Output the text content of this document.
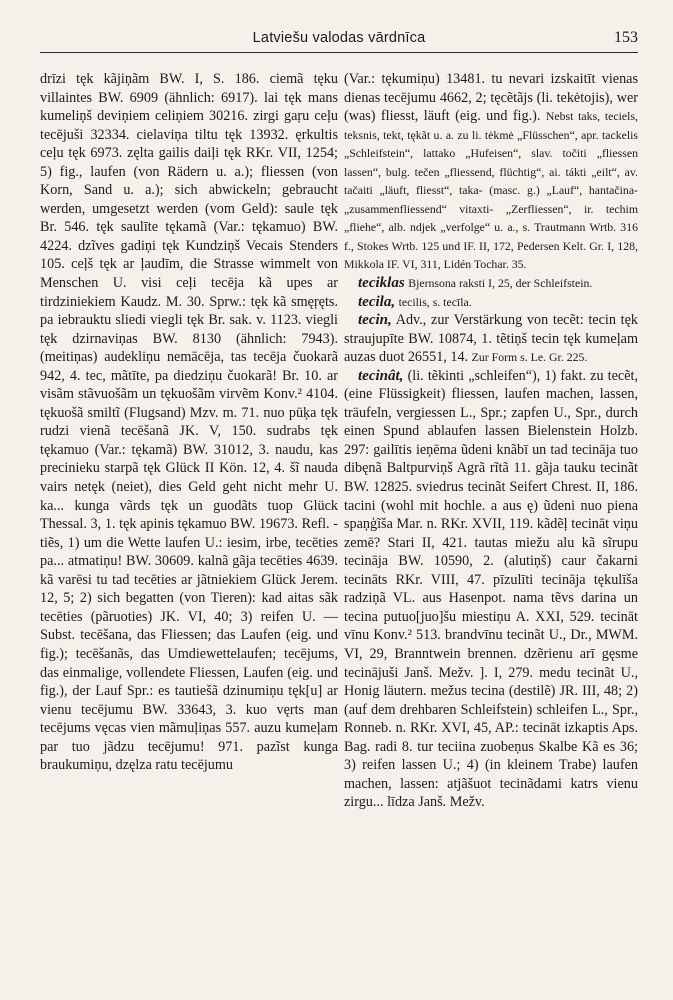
Latviešu valodas vārdnīca	153

drīzi tęk kãjiņãm BW. I, S. 186. ciemã tęku villaintes BW. 6909 (ähnlich: 6917). lai tęk mans kumeliņš deviņiem celiņiem 30216. zirgi gaŗu ceļu tecējuši 32334. cielaviņa tiltu tęk 13932. ęrkultis ceļu tęk 6973. zęlta gailis daiļi tęk RKr. VII, 1254; 5) fig., laufen (von Rädern u. a.); fliessen (von Korn, Sand u. a.); sich abwickeln; gebraucht werden, umgesetzt werden (vom Geld): saule tęk Br. 546. tęk saulīte tękamã (Var.: tękamuo) BW. 4224. dzĩves gadiņi tęk Kundziņš Vecais Stenders 105. ceļš tęk ar ļaudīm, die Strasse wimmelt von Menschen U. visi ceļi tecēja kã upes ar tirdziniekiem Kaudz. M. 30. Sprw.: tęk kã smęŗęts. pa iebrauktu sliedi viegli tęk Br. sak. v. 1123. viegli tęk dzirnaviņas BW. 8130 (ähnlich: 7943). (meitiņas) audekliņu nemācēja, tas tecēja čuokarã 942, 4. tec, mãtīte, pa diedziņu čuokarã! Br. 10. ar visãm stãvuošãm un tękuošãm virvẽm Konv.² 4104. tękuošã smiltĩ (Flugsand) Mzv. m. 71. nuo pūķa tęk rudzi vienã tecēšanã JK. V, 150. sudrabs tęk tękamuo (Var.: tękamã) BW. 31012, 3. naudu, kas precinieku starpã tęk Glück II Kön. 12, 4. šĩ nauda vairs netęk (neiet), dies Geld geht nicht mehr U. ka... kunga vãrds tęk un guodãts tuop Glück Thessal. 3, 1. tęk apinis tękamuo BW. 19673. Refl. -tiẽs, 1) um die Wette laufen U.: iesim, irbe, tecēties pa... atmatiņu! BW. 30609. kalnã gãja tecēties 4639. kã varēsi tu tad tecēties ar jãtniekiem Glück Jerem. 12, 5; 2) sich begatten (von Tieren): kad aitas sãk tecēties (pãruoties) JK. VI, 40; 3) reifen U. — Subst. tecēšana, das Fliessen; das Laufen (eig. und fig.); tecēšanãs, das Umdiewettelaufen; tecējums, das einmalige, vollendete Fliessen, Laufen (eig. und fig.), der Lauf Spr.: es tautiešã dzinumiņu tęk[u] ar vienu tecējumu BW. 33643, 3. kuo vęrts man tecējums vęcas vien mãmuļiņas 557. auzu kumeļam par tuo jãdzu tecējumu! 971. pazĩst kunga braukumiņu, dzęlza ratu tecējumu

(Var.: tękumiņu) 13481. tu nevari izskaitīt vienas dienas tecējumu 4662, 2; tęcẽtãjs (li. tekėtojis), wer (was) fliesst, läuft (eig. und fig.). Nebst taks, teciels, teksnis, tekt, tękãt u. a. zu li. tėkmė „Flüsschen“, apr. tackelis „Schleifstein“, lattako „Hufeisen“, slav. točiti „fliessen lassen“, bulg. tečen „fliessend, flüchtig“, ai. tákti „eilt“, av. tačaiti „läuft, fliesst“, taka- (masc. g.) „Lauf“, hantačina- „zusammenfliessend“ vitaxti- „Zerfliessen“, ir. techim „fliehe“, alb. ndjek „verfolge“ u. a., s. Trautmann Wrtb. 316 f., Stokes Wrtb. 125 und IF. II, 172, Pedersen Kelt. Gr. I, 128, Mikkola IF. VI, 311, Lidén Tochar. 35.

teciklas Bjernsona raksti I, 25, der Schleifstein.

tecila, tecilis, s. tecīla.

tecin, Adv., zur Verstärkung von tecẽt: tecin tęk straujupīte BW. 10874, 1. tẽtiņš tecin tęk kumeļam auzas duot 26551, 14. Zur Form s. Le. Gr. 225.

tecinât, (li. tẽkinti „schleifen“), 1) fakt. zu tecẽt, (eine Flüssigkeit) fliessen, laufen machen, lassen, träufeln, vergiessen L., Spr.; zapfen U., Spr., durch einen Spund ablaufen lassen Bielenstein Holzb. 297: gailītis ieņēma ũdeni knãbī un tad tecināja tuo dibęnã Baltpurviņš Agrã rĩtã 11. gãja tauku tecinãt BW. 12825. sviedrus tecinãt Seifert Chrest. II, 186. tacini (wohl mit hochle. a aus ę) ũdeni nuo piena spaņģĩša Mar. n. RKr. XVII, 119. kãdẽļ tecināt viņu zemē? Stari II, 421. tautas miežu alu kã sĩrupu tecināja BW. 10590, 2. (alutiņš) caur čakarni tecināts RKr. VIII, 47. pīzulīti tecināja tękulīša radziņã VL. aus Hasenpot. nama tẽvs darina un tecina putuo[juo]šu miestiņu A. XXI, 529. tecināt vīnu Konv.² 513. brandvīnu tecinãt U., Dr., MWM. VI, 29, Branntwein brennen. dzẽrienu arī gęsme tecinājuši Janš. Mežv. ]. I, 279. medu tecinãt U., Honig läutern. mežus tecina (destilẽ) JR. III, 48; 2) (auf dem drehbaren Schleifstein) schleifen L., Spr., Ronneb. n. RKr. XVI, 45, AP.: tecināt izkaptis Aps. Bag. radi 8. tur teciina zuobeņus Skalbe Kã es 36; 3) reifen lassen U.; 4) (in kleinem Trabe) laufen machen, lassen: atjãšuot tecinãdami katrs vienu zirgu... līdza Janš. Mežv.
